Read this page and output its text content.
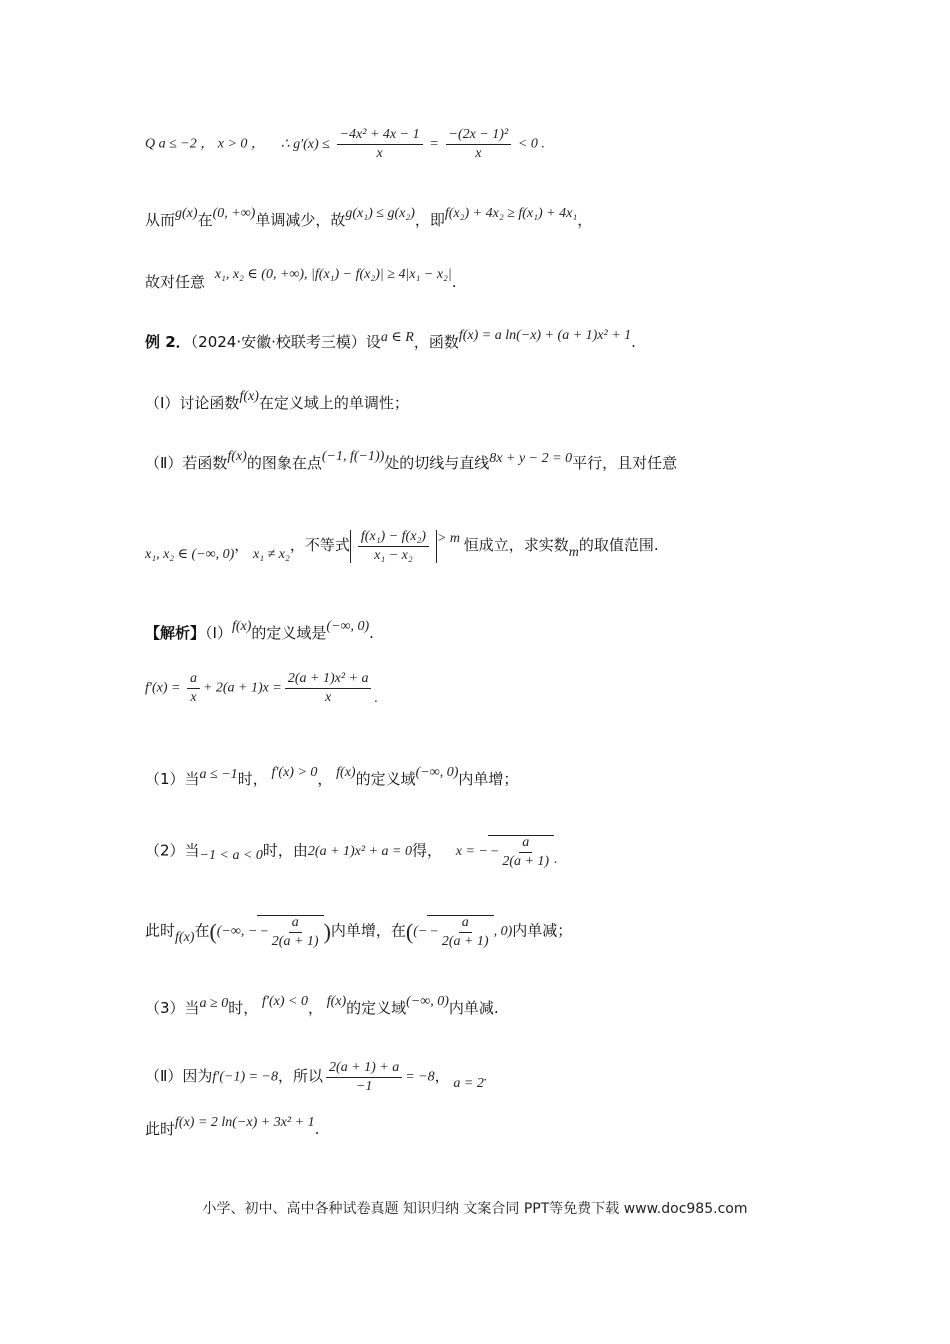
Q a ≤ −2 ， x > 0 ， ∴ $g'(x) \le \frac{\text{−4x² + 4x − 1}}{x} = \frac{\text{−(2x − 1)²}}{x} < 0$ .
从而g(x)在(0, +∞)单调减少，故g(x₁) ≤ g(x₂)，即f(x₂) + 4x₂ ≥ f(x₁) + 4x₁，
故对任意 x₁, x₂ ∈ (0, +∞), |f(x₁) − f(x₂)| ≥ 4|x₁ − x₂|.
例 2．（2024·安徽·校联考三模）设a ∈ R，函数f(x) = a ln(−x) + (a + 1)x² + 1.
（Ⅰ）讨论函数f(x)在定义域上的单调性；
（Ⅱ）若函数f(x)的图象在点(−1, f(−1))处的切线与直线8x + y − 2 = 0平行，且对任意
x₁, x₂ ∈ (−∞, 0)， x₁ ≠ x₂，不等式 $\frac{\text{f(x₁) − f(x₂)}}{\text{x₁ − x₂}} > m$ 恒成立，求实数m的取值范围.
【解析】（Ⅰ）f(x)的定义域是(−∞, 0).
$f'(x) = \frac{a}{x} + 2(a + 1)x = \frac{\text{2(a + 1)x² + a}}{x}$ .
（1）当a ≤ −1时， f′(x) > 0， f(x)的定义域(−∞, 0)内单增；
（2）当−1 < a < 0时，由2(a + 1)x² + a = 0得， x = − − $\frac{a}{2(a + 1)}$ .
此时f(x)在((−∞, − − $\frac{a}{2(a + 1)}$ )内单增，在((− − $\frac{a}{2(a + 1)}$ , 0)内单减；
（3）当a ≥ 0时， f′(x) < 0， f(x)的定义域(−∞, 0)内单减.
（Ⅱ）因为f′(−1) = −8，所以 $\frac{2(a + 1) + a}{-1} = -8$， a = 2.
此时f(x) = 2 ln(−x) + 3x² + 1.
小学、初中、高中各种试卷真题 知识归纳 文案合同 PPT等免费下载 www.doc985.com
